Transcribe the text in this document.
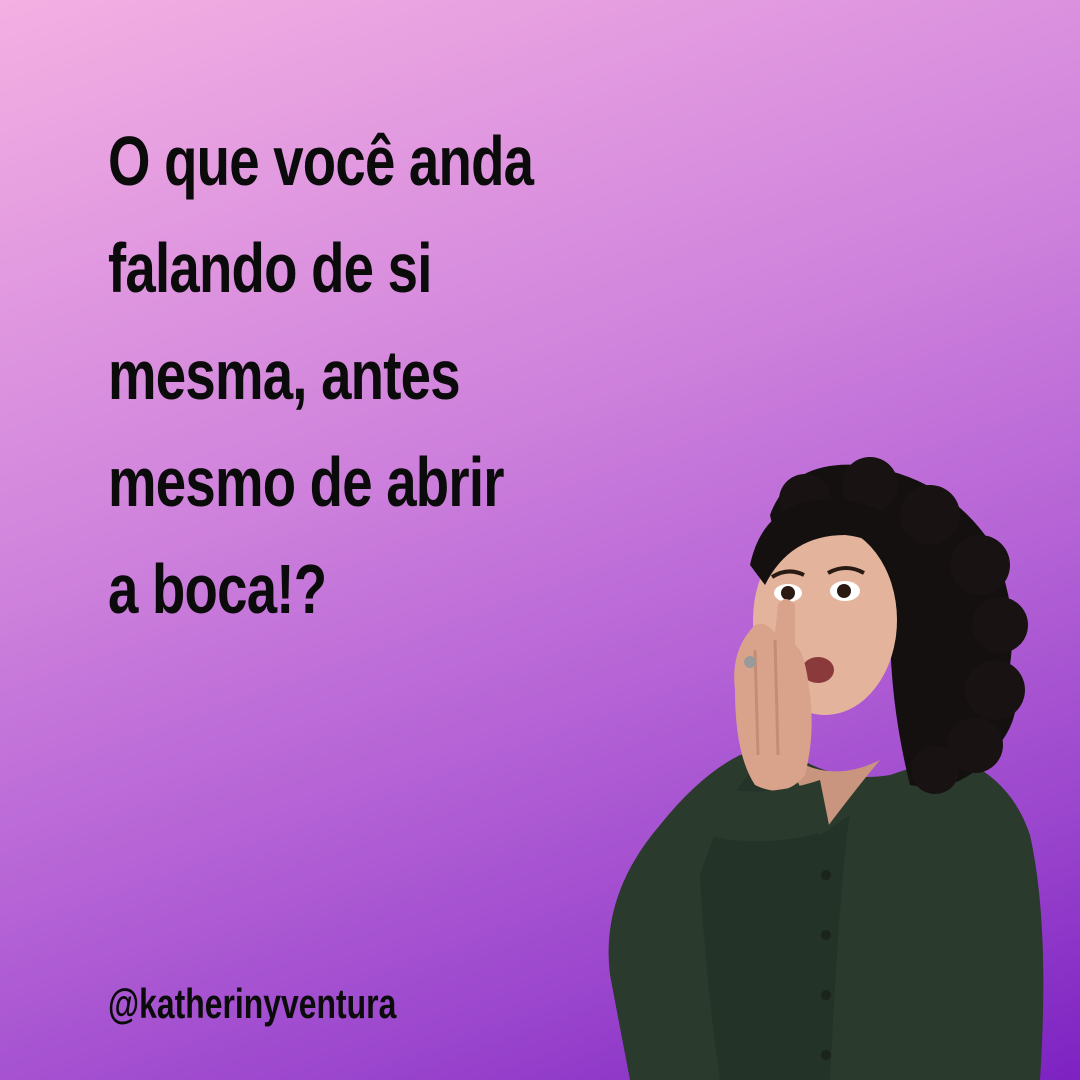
O que você anda
falando de si
mesma, antes
mesmo de abrir
a boca!?

@katherinyventura
